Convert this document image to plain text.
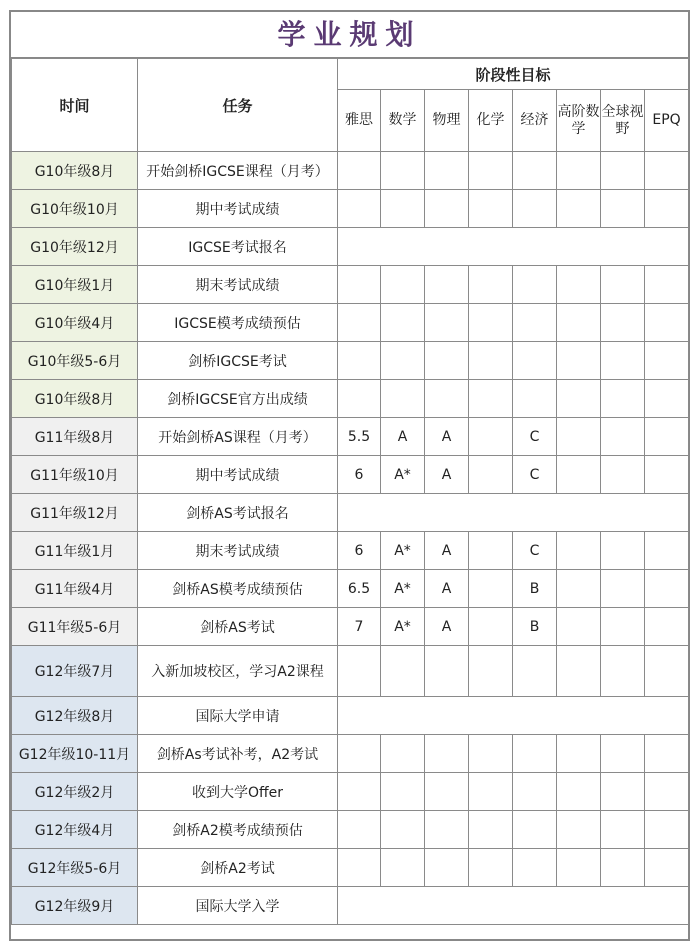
学业规划
时间	任务	阶段性目标							
		雅思	数学	物理	化学	经济	高阶数学	全球视野	EPQ
G10年级8月	开始剑桥IGCSE课程（月考）								
G10年级10月	期中考试成绩								
G10年级12月	IGCSE考试报名								
G10年级1月	期末考试成绩								
G10年级4月	IGCSE模考成绩预估								
G10年级5-6月	剑桥IGCSE考试								
G10年级8月	剑桥IGCSE官方出成绩								
G11年级8月	开始剑桥AS课程（月考）	5.5	A	A		C			
G11年级10月	期中考试成绩	6	A*	A		C			
G11年级12月	剑桥AS考试报名								
G11年级1月	期末考试成绩	6	A*	A		C			
G11年级4月	剑桥AS模考成绩预估	6.5	A*	A		B			
G11年级5-6月	剑桥AS考试	7	A*	A		B			
G12年级7月	入新加坡校区，学习A2课程								
G12年级8月	国际大学申请								
G12年级10-11月	剑桥As考试补考，A2考试								
G12年级2月	收到大学Offer								
G12年级4月	剑桥A2模考成绩预估								
G12年级5-6月	剑桥A2考试								
G12年级9月	国际大学入学								
